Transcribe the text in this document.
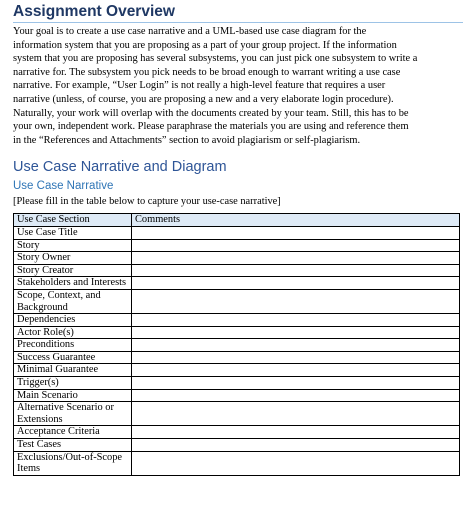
Assignment Overview
Your goal is to create a use case narrative and a UML-based use case diagram for the
information system that you are proposing as a part of your group project. If the information
system that you are proposing has several subsystems, you can just pick one subsystem to write a
narrative for. The subsystem you pick needs to be broad enough to warrant writing a use case
narrative. For example, “User Login” is not really a high-level feature that requires a user
narrative (unless, of course, you are proposing a new and a very elaborate login procedure).
Naturally, your work will overlap with the documents created by your team. Still, this has to be
your own, independent work. Please paraphrase the materials you are using and reference them
in the “References and Attachments” section to avoid plagiarism or self-plagiarism.
Use Case Narrative and Diagram
Use Case Narrative
[Please fill in the table below to capture your use-case narrative]
Use Case Section	Comments
Use Case Title	
Story	
Story Owner	
Story Creator	
Stakeholders and Interests	
Scope, Context, and Background	
Dependencies	
Actor Role(s)	
Preconditions	
Success Guarantee	
Minimal Guarantee	
Trigger(s)	
Main Scenario	
Alternative Scenario or Extensions	
Acceptance Criteria	
Test Cases	
Exclusions/Out-of-Scope Items	
